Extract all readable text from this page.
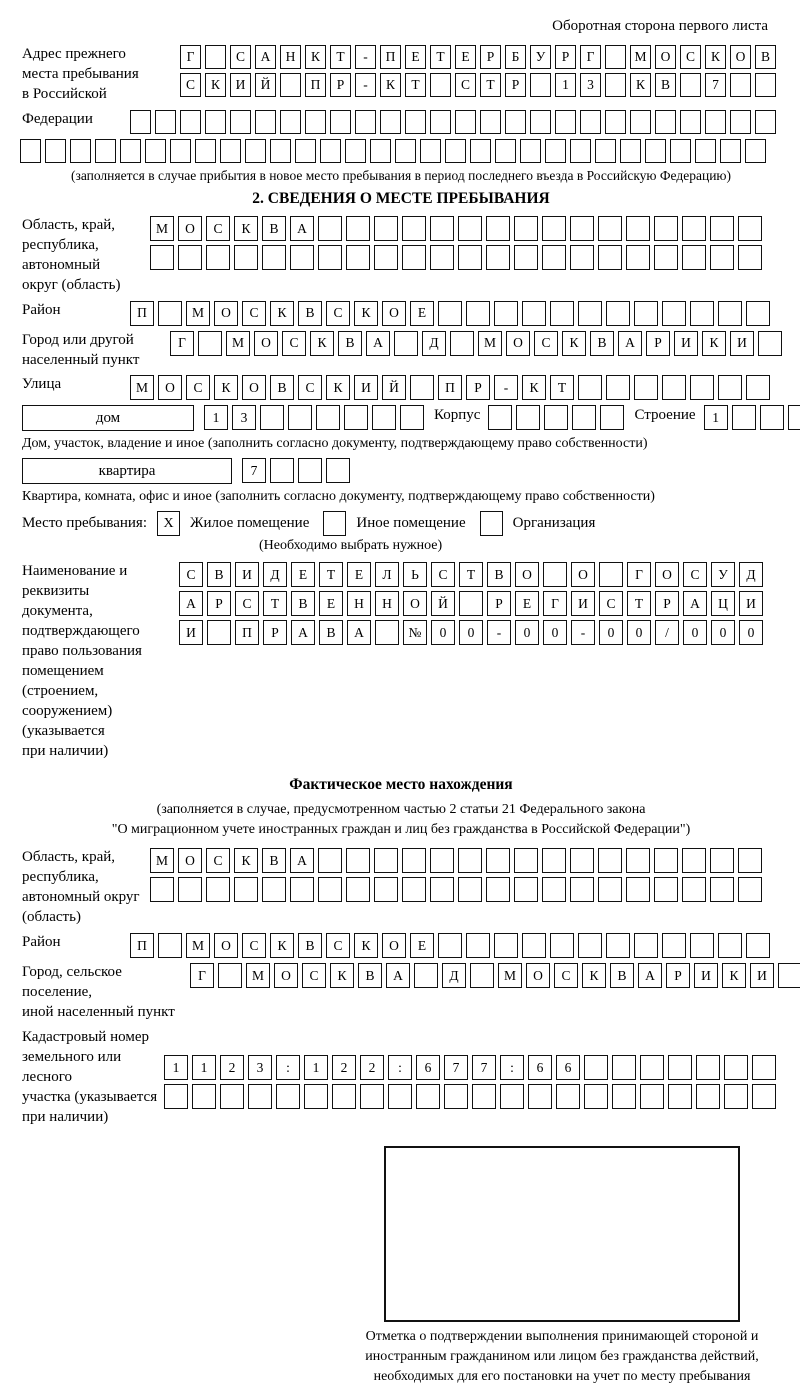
Оборотная сторона первого листа
Адрес прежнего
места пребывания
в Российской
Г	С	А	Н	К	Т	-	П	Е	Т	Е	Р	Б	У	Р	Г	М	О	С	К	О	В
С	К	И	Й	П	Р	-	К	Т	С	Т	Р	1	3	К	В	7
Федерации
(заполняется в случае прибытия в новое место пребывания в период последнего въезда в Российскую Федерацию)
2. СВЕДЕНИЯ О МЕСТЕ ПРЕБЫВАНИЯ
Область, край,
республика,
автономный
округ (область)
М	О	С	К	В	А
Район	П	М	О	С	К	В	С	К	О	Е
Город или другой
населенный пункт
Г	М	О	С	К	В	А	Д	М	О	С	К	В	А	Р	И	К	И
Улица	М	О	С	К	О	В	С	К	И	Й	П	Р	-	К	Т
дом	1	3	Корпус	Строение	1
Дом, участок, владение и иное (заполнить согласно документу, подтверждающему право собственности)
квартира	7
Квартира, комната, офис и иное (заполнить согласно документу, подтверждающему право собственности)
Место пребывания:	X	Жилое помещение	Иное помещение	Организация
(Необходимо выбрать нужное)
Наименование и реквизиты
документа, подтверждающего
право пользования
помещением (строением,
сооружением) (указывается
при наличии)
С	В	И	Д	Е	Т	Е	Л	Ь	С	Т	В	О	О	Г	О	С	У	Д
А	Р	С	Т	В	Е	Н	Н	О	Й	Р	Е	Г	И	С	Т	Р	А	Ц	И
И	П	Р	А	В	А	№	0	0	-	0	0	-	0	0	/	0	0	0
Фактическое место нахождения
(заполняется в случае, предусмотренном частью 2 статьи 21 Федерального закона
"О миграционном учете иностранных граждан и лиц без гражданства в Российской Федерации")
Область, край,
республика,
автономный округ
(область)
М	О	С	К	В	А
Район	П	М	О	С	К	В	С	К	О	Е
Город, сельское поселение,
иной населенный пункт
Г	М	О	С	К	В	А	Д	М	О	С	К	В	А	Р	И	К	И
Кадастровый номер
земельного или лесного
участка (указывается
при наличии)
1	1	2	3	:	1	2	2	:	6	7	7	:	6	6
Отметка о подтверждении выполнения принимающей стороной и иностранным гражданином или лицом без гражданства действий, необходимых для его постановки на учет по месту пребывания
